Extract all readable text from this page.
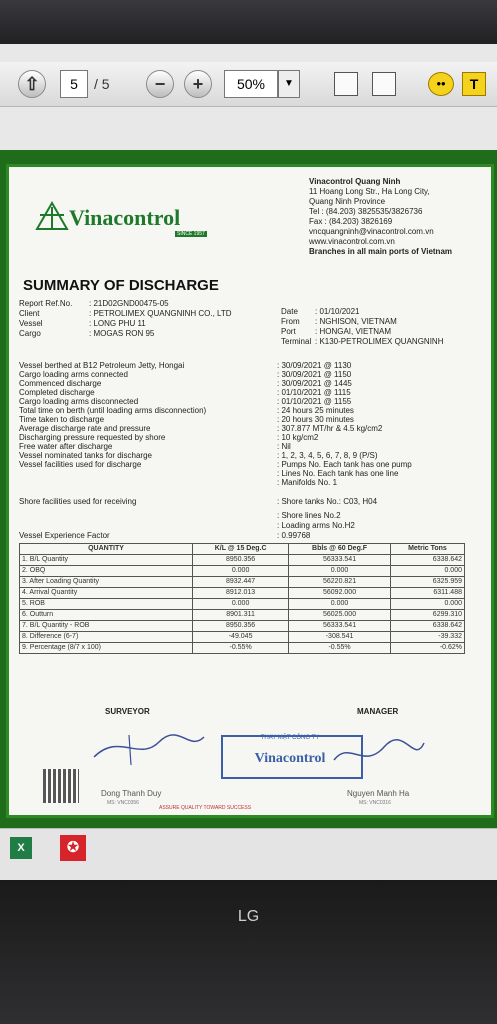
⇧	5	/ 5	−	+	50%	▼	••	T
Vinacontrol
SINCE 1957
Vinacontrol Quang Ninh
11 Hoang Long Str., Ha Long City,
Quang Ninh Province
Tel : (84.203) 3825535/3826736
Fax : (84.203) 3826169
vncquangninh@vinacontrol.com.vn
www.vinacontrol.com.vn
Branches in all main ports of Vietnam
SUMMARY OF DISCHARGE
Report Ref.No. : 21D02GND00475-05
Client	: PETROLIMEX QUANGNINH CO., LTD
Vessel	: LONG PHU 11
Cargo	: MOGAS RON 95
Date : 01/10/2021
From : NGHISON, VIETNAM
Port : HONGAI, VIETNAM
Terminal : K130-PETROLIMEX QUANGNINH
Vessel berthed at B12 Petroleum Jetty, Hongai	: 30/09/2021 @ 1130
Cargo loading arms connected	: 30/09/2021 @ 1150
Commenced discharge	: 30/09/2021 @ 1445
Completed discharge	: 01/10/2021 @ 1115
Cargo loading arms disconnected	: 01/10/2021 @ 1155
Total time on berth (until loading arms disconnection)	: 24 hours 25 minutes
Time taken to discharge	: 20 hours 30 minutes
Average discharge rate and pressure	: 307.877 MT/hr & 4.5 kg/cm2
Discharging pressure requested by shore	: 10 kg/cm2
Free water after discharge	: Nil
Vessel nominated tanks for discharge	: 1, 2, 3, 4, 5, 6, 7, 8, 9 (P/S)
Vessel facilities used for discharge	: Pumps No. Each tank has one pump
: Lines No. Each tank has one line
: Manifolds No. 1
Shore facilities used for receiving	: Shore tanks No.: C03, H04
: Shore lines No.2
: Loading arms No.H2
Vessel Experience Factor	: 0.99768
QUANTITY	K/L @ 15 Deg.C	Bbls @ 60 Deg.F	Metric Tons
1. B/L Quantity	8950.356	56333.541	6338.642
2. OBQ	0.000	0.000	0.000
3. After Loading Quantity	8932.447	56220.821	6325.959
4. Arrival Quantity	8912.013	56092.000	6311.488
5. ROB	0.000	0.000	0.000
6. Outturn	8901.311	56025.000	6299.310
7. B/L Quantity - ROB	8950.356	56333.541	6338.642
8. Difference (6-7)	-49.045	-308.541	-39.332
9. Percentage (8/7 x 100)	-0.55%	-0.55%	-0.62%
SURVEYOR	MANAGER
THAY MẶT CÔNG TY
Vinacontrol
Dong Thanh Duy
MS: VNC0356
Nguyen Manh Ha
MS: VNC0316
ASSURE QUALITY TOWARD SUCCESS
X	✪
LG
